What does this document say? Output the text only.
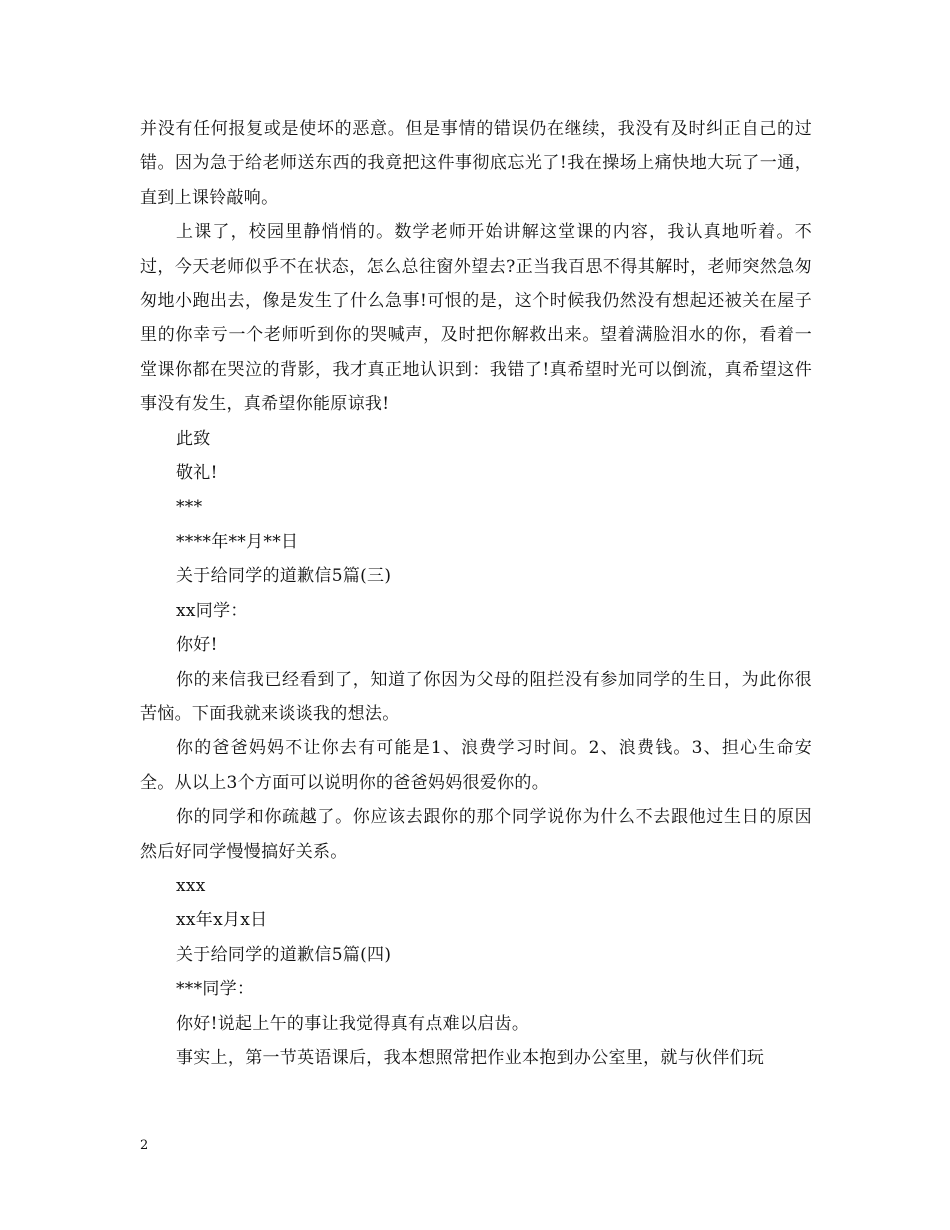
并没有任何报复或是使坏的恶意。但是事情的错误仍在继续，我没有及时纠正自己的过错。因为急于给老师送东西的我竟把这件事彻底忘光了!我在操场上痛快地大玩了一通，直到上课铃敲响。

上课了，校园里静悄悄的。数学老师开始讲解这堂课的内容，我认真地听着。不过，今天老师似乎不在状态，怎么总往窗外望去?正当我百思不得其解时，老师突然急匆匆地小跑出去，像是发生了什么急事!可恨的是，这个时候我仍然没有想起还被关在屋子里的你幸亏一个老师听到你的哭喊声，及时把你解救出来。望着满脸泪水的你，看着一堂课你都在哭泣的背影，我才真正地认识到：我错了!真希望时光可以倒流，真希望这件事没有发生，真希望你能原谅我!

此致

敬礼!

***

****年**月**日

关于给同学的道歉信5篇(三)

xx同学：

你好!

你的来信我已经看到了，知道了你因为父母的阻拦没有参加同学的生日，为此你很苦恼。下面我就来谈谈我的想法。

你的爸爸妈妈不让你去有可能是1、浪费学习时间。2、浪费钱。3、担心生命安全。从以上3个方面可以说明你的爸爸妈妈很爱你的。

你的同学和你疏越了。你应该去跟你的那个同学说你为什么不去跟他过生日的原因然后好同学慢慢搞好关系。

xxx

xx年x月x日

关于给同学的道歉信5篇(四)

***同学：

你好!说起上午的事让我觉得真有点难以启齿。

事实上，第一节英语课后，我本想照常把作业本抱到办公室里，就与伙伴们玩

2
